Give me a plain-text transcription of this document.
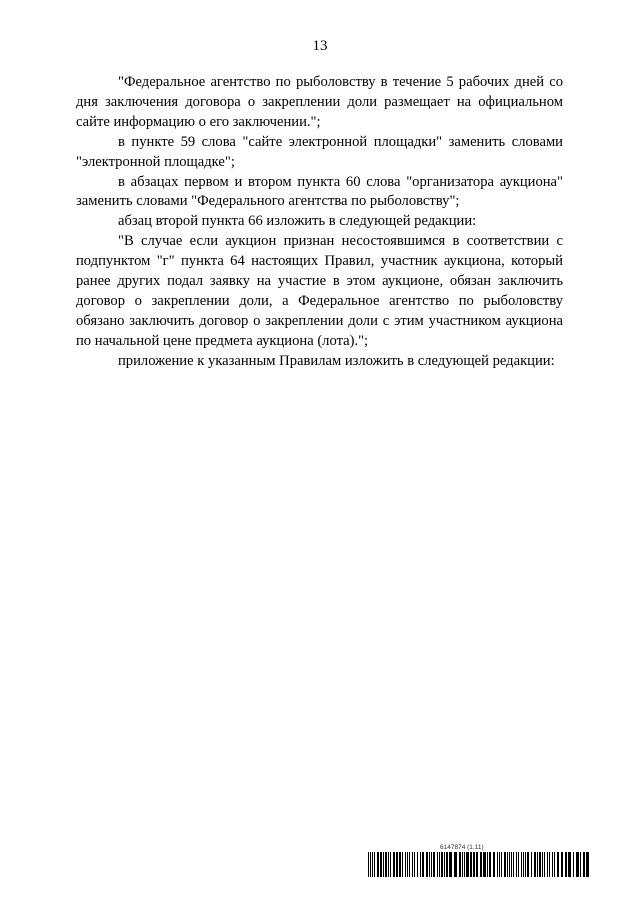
13

"Федеральное агентство по рыболовству в течение 5 рабочих дней со дня заключения договора о закреплении доли размещает на официальном сайте информацию о его заключении.";

в пункте 59 слова "сайте электронной площадки" заменить словами "электронной площадке";

в абзацах первом и втором пункта 60 слова "организатора аукциона" заменить словами "Федерального агентства по рыболовству";

абзац второй пункта 66 изложить в следующей редакции:

"В случае если аукцион признан несостоявшимся в соответствии с подпунктом "г" пункта 64 настоящих Правил, участник аукциона, который ранее других подал заявку на участие в этом аукционе, обязан заключить договор о закреплении доли, а Федеральное агентство по рыболовству обязано заключить договор о закреплении доли с этим участником аукциона по начальной цене предмета аукциона (лота).";

приложение к указанным Правилам изложить в следующей редакции:

6147874 (1.11)
